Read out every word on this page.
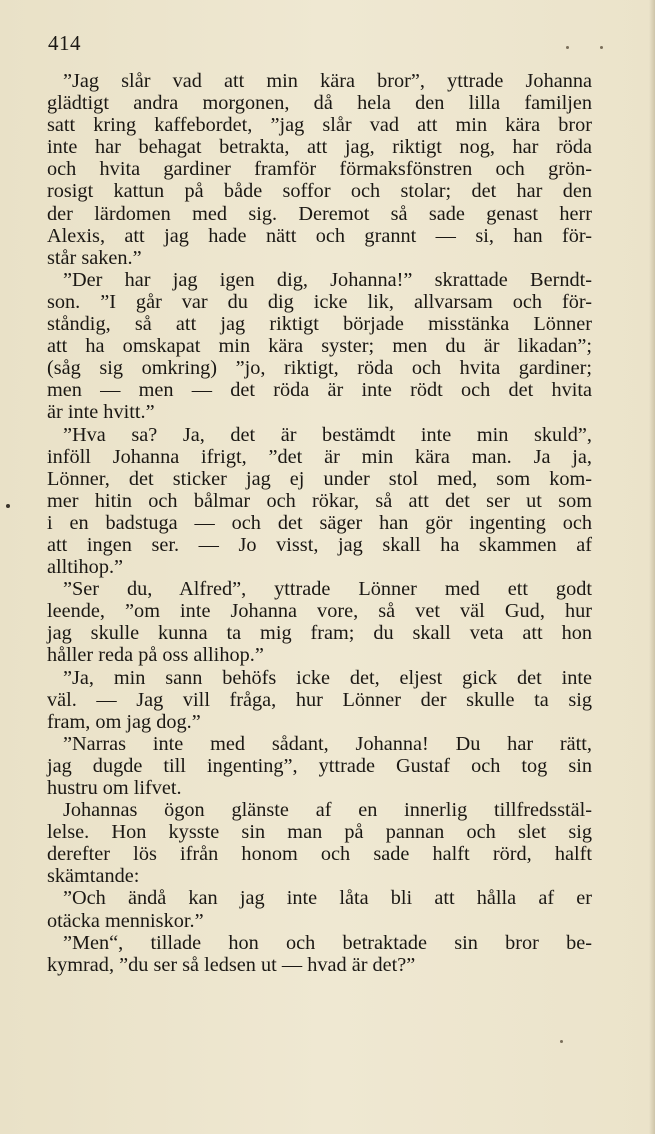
414
”Jag slår vad att min kära bror”, yttrade Johanna
glädtigt andra morgonen, då hela den lilla familjen
satt kring kaffebordet, ”jag slår vad att min kära bror
inte har behagat betrakta, att jag, riktigt nog, har röda
och hvita gardiner framför förmaksfönstren och grön-
rosigt kattun på både soffor och stolar; det har den
der lärdomen med sig. Deremot så sade genast herr
Alexis, att jag hade nätt och grannt — si, han för-
står saken.”
”Der har jag igen dig, Johanna!” skrattade Berndt-
son. ”I går var du dig icke lik, allvarsam och för-
ståndig, så att jag riktigt började misstänka Lönner
att ha omskapat min kära syster; men du är likadan”;
(såg sig omkring) ”jo, riktigt, röda och hvita gardiner;
men — men — det röda är inte rödt och det hvita
är inte hvitt.”
”Hva sa? Ja, det är bestämdt inte min skuld”,
inföll Johanna ifrigt, ”det är min kära man. Ja ja,
Lönner, det sticker jag ej under stol med, som kom-
mer hitin och bålmar och rökar, så att det ser ut som
i en badstuga — och det säger han gör ingenting och
att ingen ser. — Jo visst, jag skall ha skammen af
alltihop.”
”Ser du, Alfred”, yttrade Lönner med ett godt
leende, ”om inte Johanna vore, så vet väl Gud, hur
jag skulle kunna ta mig fram; du skall veta att hon
håller reda på oss allihop.”
”Ja, min sann behöfs icke det, eljest gick det inte
väl. — Jag vill fråga, hur Lönner der skulle ta sig
fram, om jag dog.”
”Narras inte med sådant, Johanna! Du har rätt,
jag dugde till ingenting”, yttrade Gustaf och tog sin
hustru om lifvet.
Johannas ögon glänste af en innerlig tillfredsstäl-
lelse. Hon kysste sin man på pannan och slet sig
derefter lös ifrån honom och sade halft rörd, halft
skämtande:
”Och ändå kan jag inte låta bli att hålla af er
otäcka menniskor.”
”Men“, tillade hon och betraktade sin bror be-
kymrad, ”du ser så ledsen ut — hvad är det?”
